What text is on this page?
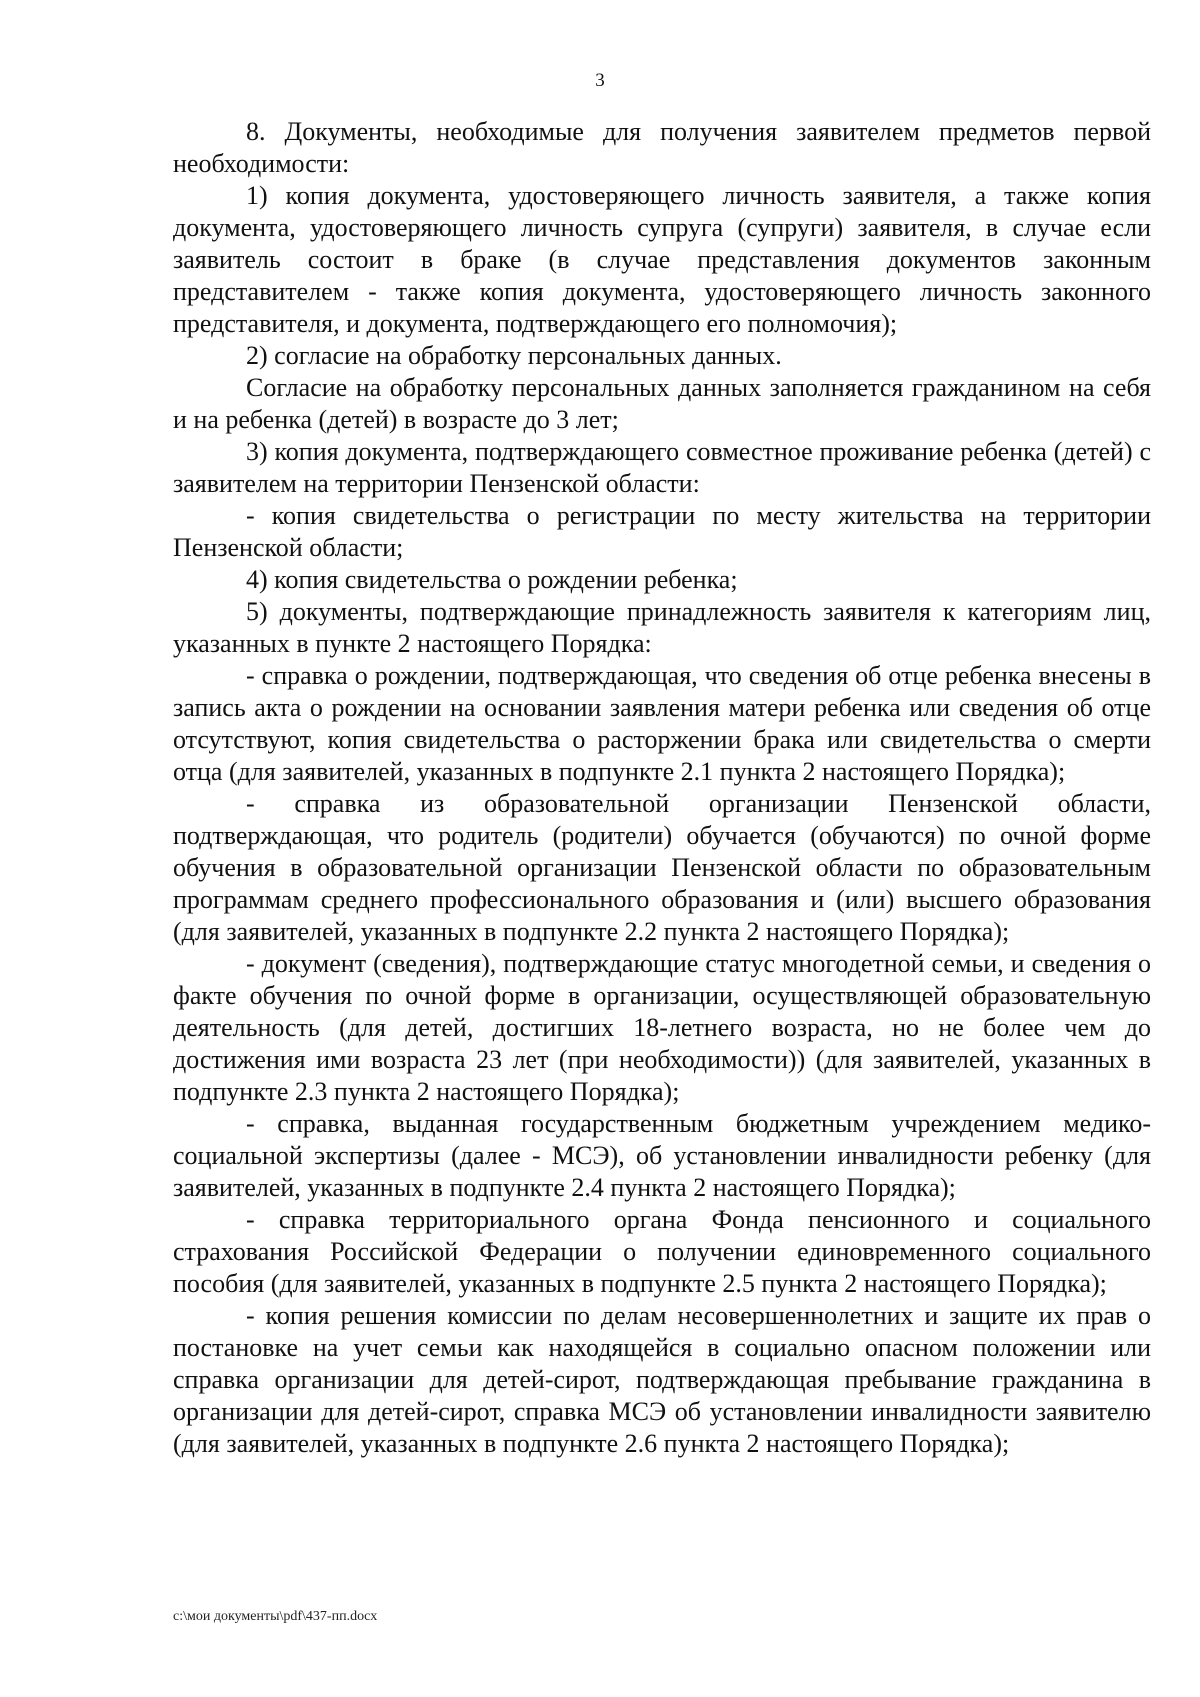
3

8. Документы, необходимые для получения заявителем предметов первой необходимости:

1) копия документа, удостоверяющего личность заявителя, а также копия документа, удостоверяющего личность супруга (супруги) заявителя, в случае если заявитель состоит в браке (в случае представления документов законным представителем - также копия документа, удостоверяющего личность законного представителя, и документа, подтверждающего его полномочия);

2) согласие на обработку персональных данных.

Согласие на обработку персональных данных заполняется гражданином на себя и на ребенка (детей) в возрасте до 3 лет;

3) копия документа, подтверждающего совместное проживание ребенка (детей) с заявителем на территории Пензенской области:

- копия свидетельства о регистрации по месту жительства на территории Пензенской области;

4) копия свидетельства о рождении ребенка;

5) документы, подтверждающие принадлежность заявителя к категориям лиц, указанных в пункте 2 настоящего Порядка:

- справка о рождении, подтверждающая, что сведения об отце ребенка внесены в запись акта о рождении на основании заявления матери ребенка или сведения об отце отсутствуют, копия свидетельства о расторжении брака или свидетельства о смерти отца (для заявителей, указанных в подпункте 2.1 пункта 2 настоящего Порядка);

- справка из образовательной организации Пензенской области, подтверждающая, что родитель (родители) обучается (обучаются) по очной форме обучения в образовательной организации Пензенской области по образовательным программам среднего профессионального образования и (или) высшего образования (для заявителей, указанных в подпункте 2.2 пункта 2 настоящего Порядка);

- документ (сведения), подтверждающие статус многодетной семьи, и сведения о факте обучения по очной форме в организации, осуществляющей образовательную деятельность (для детей, достигших 18-летнего возраста, но не более чем до достижения ими возраста 23 лет (при необходимости)) (для заявителей, указанных в подпункте 2.3 пункта 2 настоящего Порядка);

- справка, выданная государственным бюджетным учреждением медико-социальной экспертизы (далее - МСЭ), об установлении инвалидности ребенку (для заявителей, указанных в подпункте 2.4 пункта 2 настоящего Порядка);

- справка территориального органа Фонда пенсионного и социального страхования Российской Федерации о получении единовременного социального пособия (для заявителей, указанных в подпункте 2.5 пункта 2 настоящего Порядка);

- копия решения комиссии по делам несовершеннолетних и защите их прав о постановке на учет семьи как находящейся в социально опасном положении или справка организации для детей-сирот, подтверждающая пребывание гражданина в организации для детей-сирот, справка МСЭ об установлении инвалидности заявителю (для заявителей, указанных в подпункте 2.6 пункта 2 настоящего Порядка);

c:\мои документы\pdf\437-пп.docx
